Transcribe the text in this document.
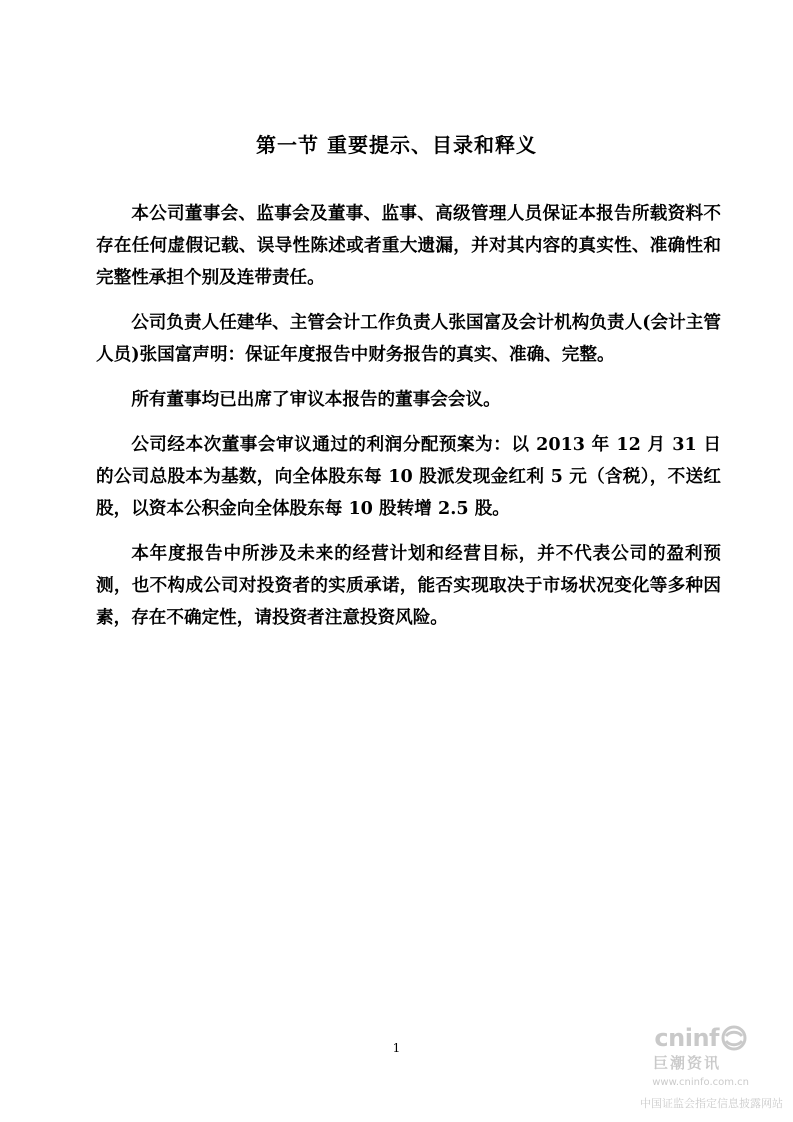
第一节 重要提示、目录和释义

本公司董事会、监事会及董事、监事、高级管理人员保证本报告所载资料不存在任何虚假记载、误导性陈述或者重大遗漏，并对其内容的真实性、准确性和完整性承担个别及连带责任。

公司负责人任建华、主管会计工作负责人张国富及会计机构负责人(会计主管人员)张国富声明：保证年度报告中财务报告的真实、准确、完整。

所有董事均已出席了审议本报告的董事会会议。

公司经本次董事会审议通过的利润分配预案为：以 2013 年 12 月 31 日的公司总股本为基数，向全体股东每 10 股派发现金红利 5 元（含税），不送红股，以资本公积金向全体股东每 10 股转增 2.5 股。

本年度报告中所涉及未来的经营计划和经营目标，并不代表公司的盈利预测，也不构成公司对投资者的实质承诺，能否实现取决于市场状况变化等多种因素，存在不确定性，请投资者注意投资风险。

1	cninf
巨潮资讯
www.cninfo.com.cn
中国证监会指定信息披露网站
